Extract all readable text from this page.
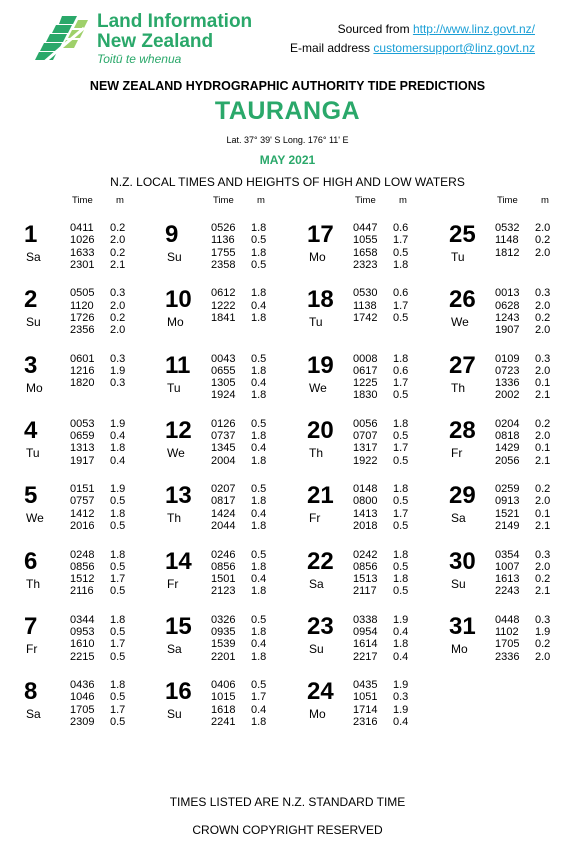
Land Information
New Zealand
Toitū te whenua
Sourced from http://www.linz.govt.nz/
E-mail address customersupport@linz.govt.nz
NEW ZEALAND HYDROGRAPHIC AUTHORITY TIDE PREDICTIONS
TAURANGA
Lat. 37° 39' S Long. 176° 11' E
MAY 2021
N.Z. LOCAL TIMES AND HEIGHTS OF HIGH AND LOW WATERS
Time m	Time m	Time m	Time m
1
Sa
0411 0.2
1026 2.0
1633 0.2
2301 2.1
2
Su
0505 0.3
1120 2.0
1726 0.2
2356 2.0
3
Mo
0601 0.3
1216 1.9
1820 0.3
4
Tu
0053 1.9
0659 0.4
1313 1.8
1917 0.4
5
We
0151 1.9
0757 0.5
1412 1.8
2016 0.5
6
Th
0248 1.8
0856 0.5
1512 1.7
2116 0.5
7
Fr
0344 1.8
0953 0.5
1610 1.7
2215 0.5
8
Sa
0436 1.8
1046 0.5
1705 1.7
2309 0.5
9
Su
0526 1.8
1136 0.5
1755 1.8
2358 0.5
10
Mo
0612 1.8
1222 0.4
1841 1.8
11
Tu
0043 0.5
0655 1.8
1305 0.4
1924 1.8
12
We
0126 0.5
0737 1.8
1345 0.4
2004 1.8
13
Th
0207 0.5
0817 1.8
1424 0.4
2044 1.8
14
Fr
0246 0.5
0856 1.8
1501 0.4
2123 1.8
15
Sa
0326 0.5
0935 1.8
1539 0.4
2201 1.8
16
Su
0406 0.5
1015 1.7
1618 0.4
2241 1.8
17
Mo
0447 0.6
1055 1.7
1658 0.5
2323 1.8
18
Tu
0530 0.6
1138 1.7
1742 0.5
19
We
0008 1.8
0617 0.6
1225 1.7
1830 0.5
20
Th
0056 1.8
0707 0.5
1317 1.7
1922 0.5
21
Fr
0148 1.8
0800 0.5
1413 1.7
2018 0.5
22
Sa
0242 1.8
0856 0.5
1513 1.8
2117 0.5
23
Su
0338 1.9
0954 0.4
1614 1.8
2217 0.4
24
Mo
0435 1.9
1051 0.3
1714 1.9
2316 0.4
25
Tu
0532 2.0
1148 0.2
1812 2.0
26
We
0013 0.3
0628 2.0
1243 0.2
1907 2.0
27
Th
0109 0.3
0723 2.0
1336 0.1
2002 2.1
28
Fr
0204 0.2
0818 2.0
1429 0.1
2056 2.1
29
Sa
0259 0.2
0913 2.0
1521 0.1
2149 2.1
30
Su
0354 0.3
1007 2.0
1613 0.2
2243 2.1
31
Mo
0448 0.3
1102 1.9
1705 0.2
2336 2.0
TIMES LISTED ARE N.Z. STANDARD TIME
CROWN COPYRIGHT RESERVED
